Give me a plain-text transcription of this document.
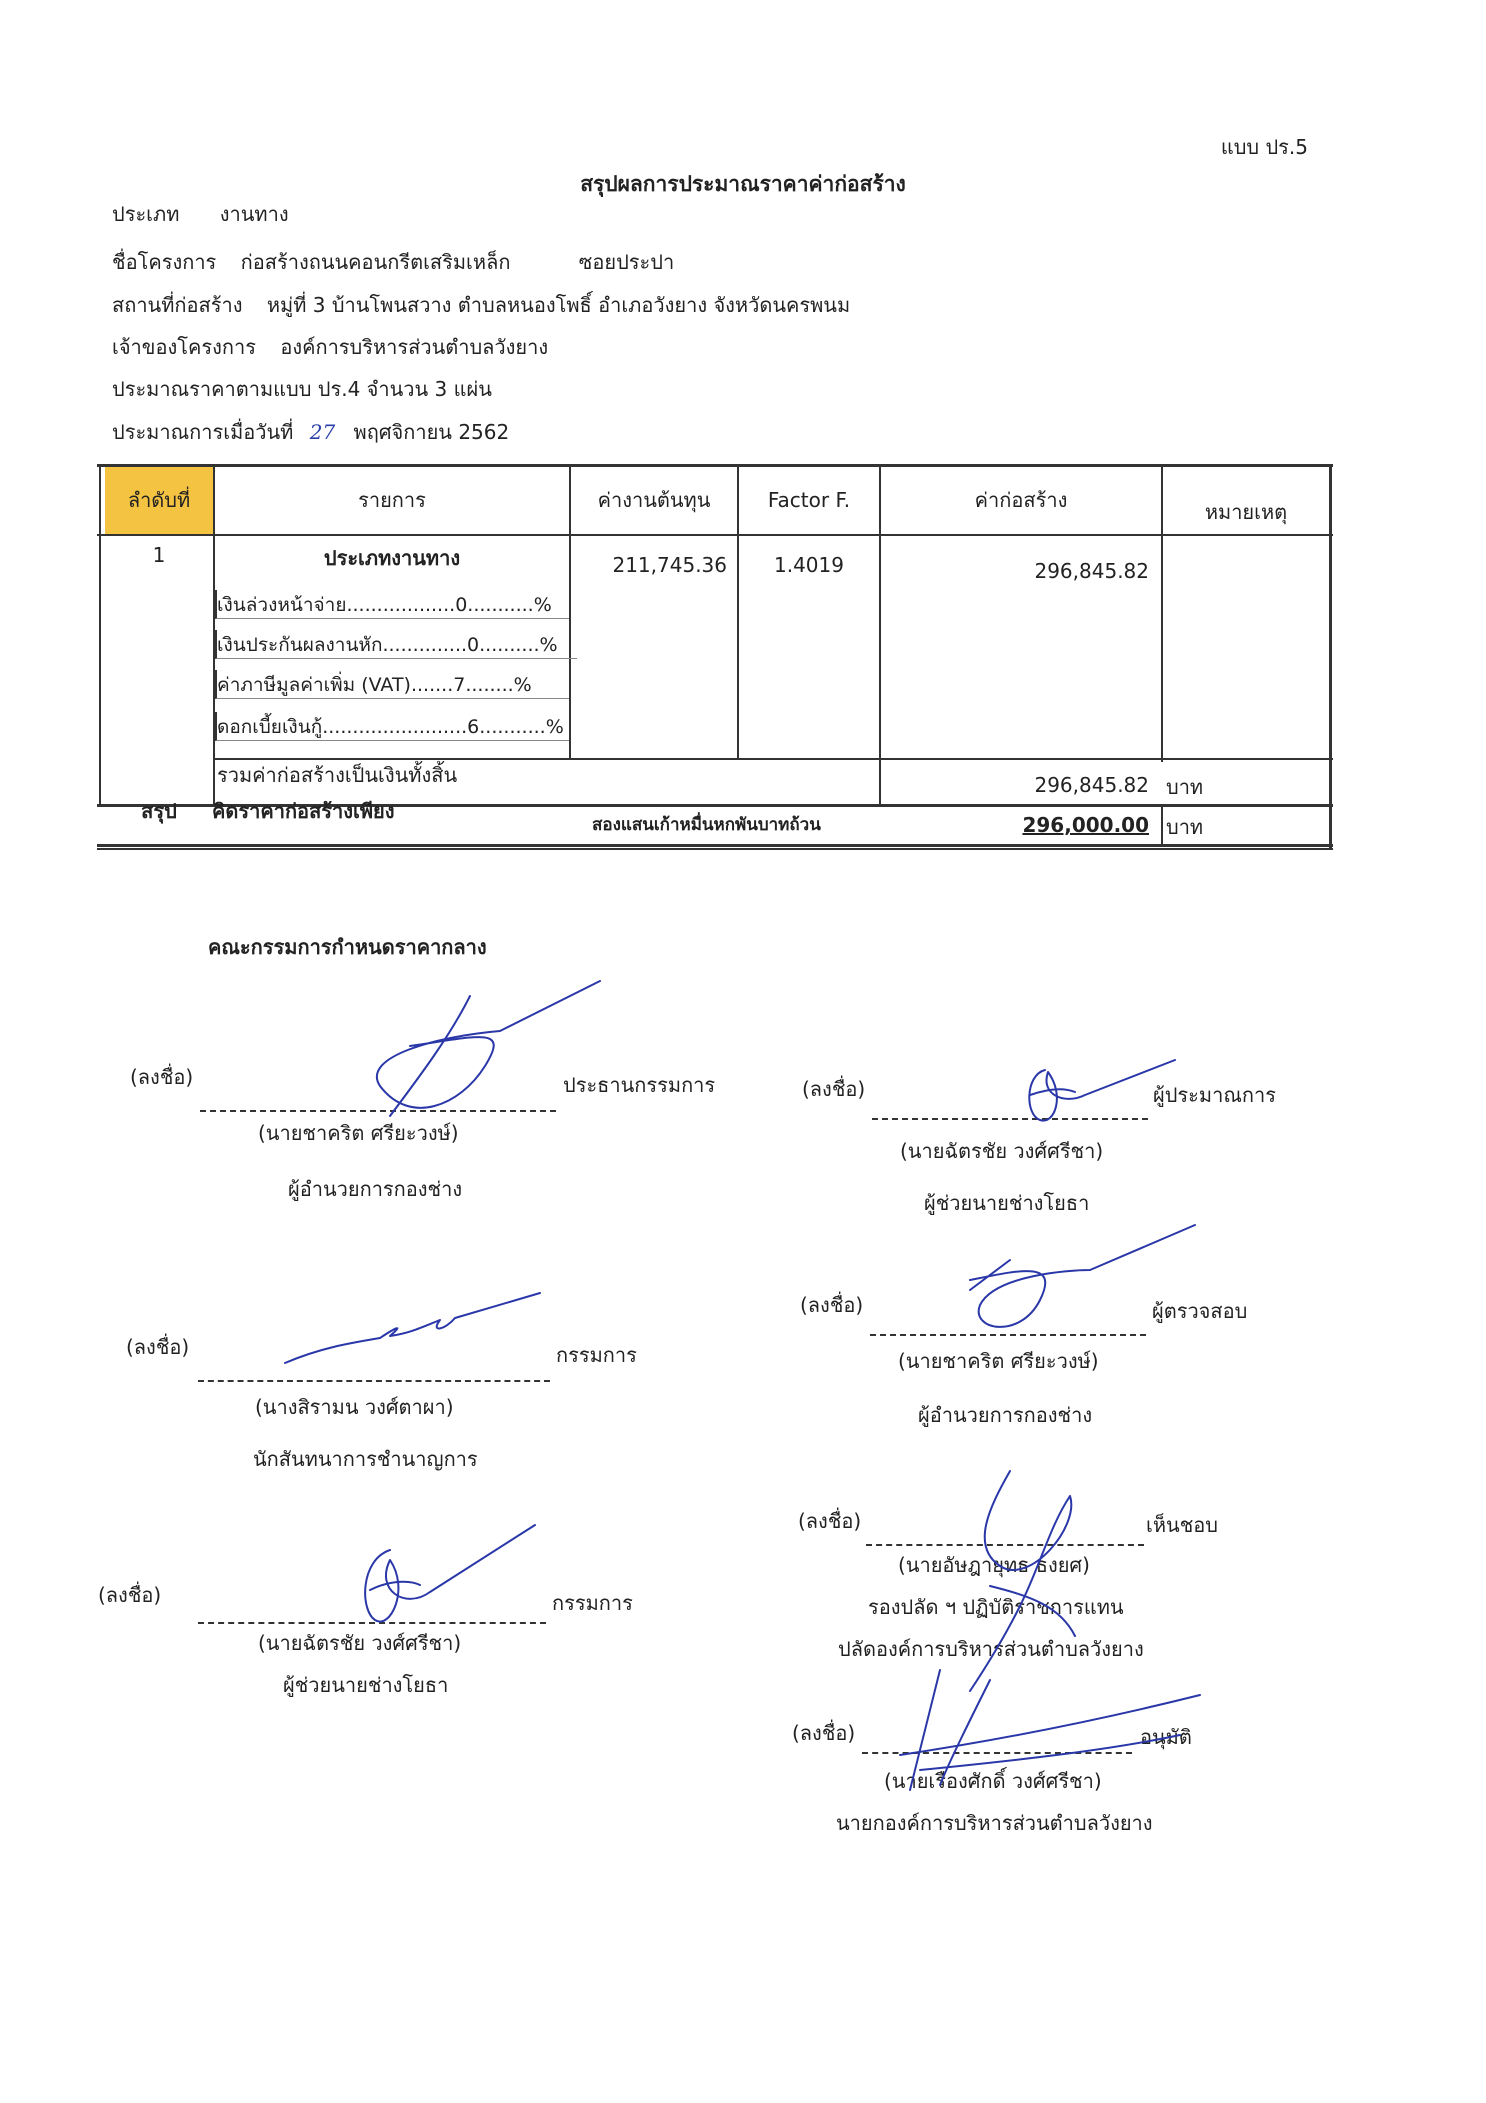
แบบ ปร.5
สรุปผลการประมาณราคาค่าก่อสร้าง
ประเภท งานทาง
ชื่อโครงการ ก่อสร้างถนนคอนกรีตเสริมเหล็ก	ซอยประปา
สถานที่ก่อสร้าง หมู่ที่ 3 บ้านโพนสวาง ตำบลหนองโพธิ์ อำเภอวังยาง จังหวัดนครพนม
เจ้าของโครงการ องค์การบริหารส่วนตำบลวังยาง
ประมาณราคาตามแบบ ปร.4 จำนวน 3 แผ่น
ประมาณการเมื่อวันที่ 27 พฤศจิกายน 2562
ลำดับที่	รายการ	ค่างานต้นทุน	Factor F.	ค่าก่อสร้าง	หมายเหตุ
1	ประเภทงานทาง	211,745.36	1.4019	296,845.82
เงินล่วงหน้าจ่าย..................0...........%
เงินประกันผลงานหัก..............0..........%
ค่าภาษีมูลค่าเพิ่ม (VAT).......7........%
ดอกเบี้ยเงินกู้........................6...........%
รวมค่าก่อสร้างเป็นเงินทั้งสิ้น	296,845.82 บาท
สรุป	คิดราคาก่อสร้างเพียง
สองแสนเก้าหมื่นหกพันบาทถ้วน	296,000.00 บาท
คณะกรรมการกำหนดราคากลาง
(ลงชื่อ)	ประธานกรรมการ
(นายชาคริต ศรียะวงษ์)
ผู้อำนวยการกองช่าง
(ลงชื่อ)	กรรมการ
(นางสิรามน วงศ์ตาผา)
นักสันทนาการชำนาญการ
(ลงชื่อ)	กรรมการ
(นายฉัตรชัย วงศ์ศรีชา)
ผู้ช่วยนายช่างโยธา
(ลงชื่อ)	ผู้ประมาณการ
(นายฉัตรชัย วงศ์ศรีชา)
ผู้ช่วยนายช่างโยธา
(ลงชื่อ)	ผู้ตรวจสอบ
(นายชาคริต ศรียะวงษ์)
ผู้อำนวยการกองช่าง
(ลงชื่อ)	เห็นชอบ
(นายอัษฎายุทธ ธงยศ)
รองปลัด ฯ ปฏิบัติราชการแทน
ปลัดองค์การบริหารส่วนตำบลวังยาง
(ลงชื่อ)	อนุมัติ
(นายเรืองศักดิ์ วงศ์ศรีชา)
นายกองค์การบริหารส่วนตำบลวังยาง
